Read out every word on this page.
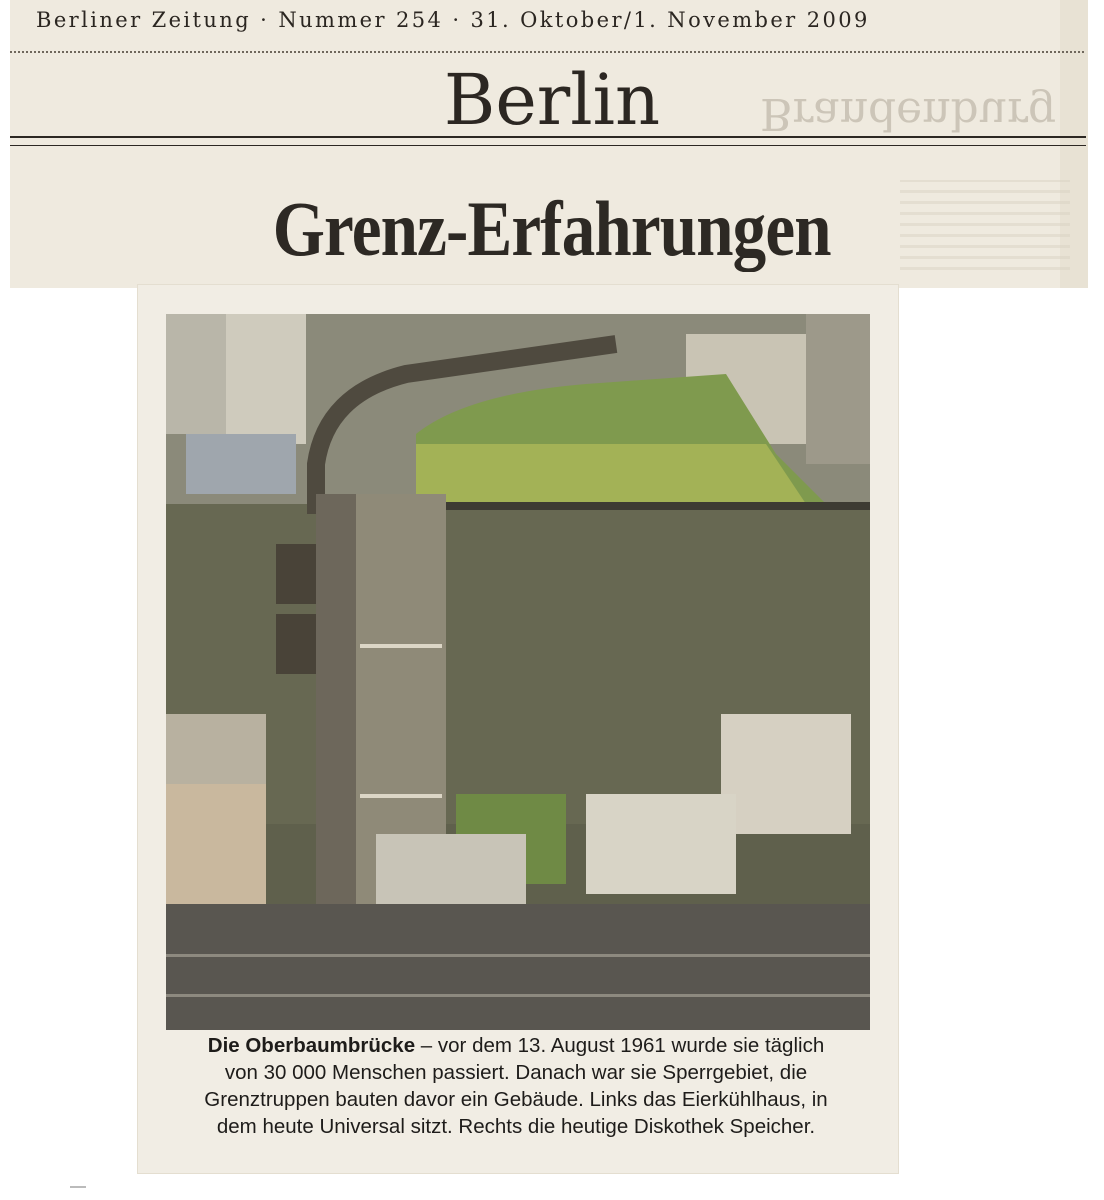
Berliner Zeitung · Nummer 254 · 31. Oktober/1. November 2009
Brandenburg
Berlin
Grenz-Erfahrungen
Die Oberbaumbrücke – vor dem 13. August 1961 wurde sie täglich
von 30 000 Menschen passiert. Danach war sie Sperrgebiet, die
Grenztruppen bauten davor ein Gebäude. Links das Eierkühlhaus, in
dem heute Universal sitzt. Rechts die heutige Diskothek Speicher.
